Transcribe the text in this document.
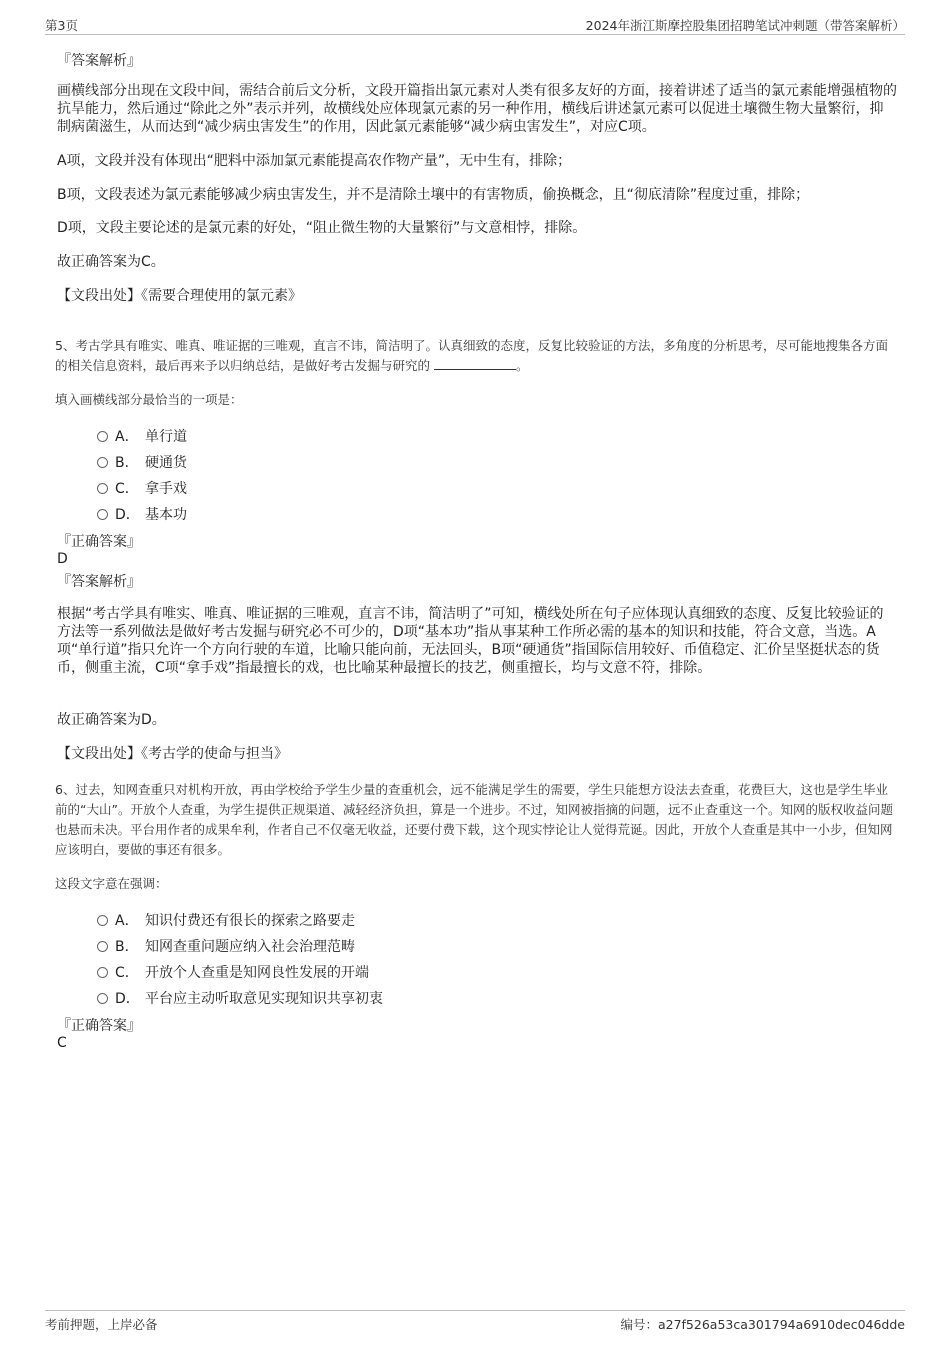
第3页	2024年浙江斯摩控股集团招聘笔试冲刺题（带答案解析）
『答案解析』
画横线部分出现在文段中间，需结合前后文分析，文段开篇指出氯元素对人类有很多友好的方面，接着讲述了适当的氯元素能增强植物的抗旱能力，然后通过“除此之外”表示并列，故横线处应体现氯元素的另一种作用，横线后讲述氯元素可以促进土壤微生物大量繁衍，抑制病菌滋生，从而达到“减少病虫害发生”的作用，因此氯元素能够“减少病虫害发生”，对应C项。
A项，文段并没有体现出“肥料中添加氯元素能提高农作物产量”，无中生有，排除；
B项，文段表述为氯元素能够减少病虫害发生，并不是清除土壤中的有害物质，偷换概念，且“彻底清除”程度过重，排除；
D项，文段主要论述的是氯元素的好处，“阻止微生物的大量繁衍”与文意相悖，排除。
故正确答案为C。
【文段出处】《需要合理使用的氯元素》
5、考古学具有唯实、唯真、唯证据的三唯观，直言不讳，简洁明了。认真细致的态度，反复比较验证的方法，多角度的分析思考，尽可能地搜集各方面的相关信息资料，最后再来予以归纳总结，是做好考古发掘与研究的	。
填入画横线部分最恰当的一项是：
A． 单行道
B． 硬通货
C． 拿手戏
D． 基本功
『正确答案』
D
『答案解析』
根据“考古学具有唯实、唯真、唯证据的三唯观，直言不讳，简洁明了”可知，横线处所在句子应体现认真细致的态度、反复比较验证的方法等一系列做法是做好考古发掘与研究必不可少的，D项“基本功”指从事某种工作所必需的基本的知识和技能，符合文意，当选。A项“单行道”指只允许一个方向行驶的车道，比喻只能向前，无法回头，B项“硬通货”指国际信用较好、币值稳定、汇价呈坚挺状态的货币，侧重主流，C项“拿手戏”指最擅长的戏，也比喻某种最擅长的技艺，侧重擅长，均与文意不符，排除。
故正确答案为D。
【文段出处】《考古学的使命与担当》
6、过去，知网查重只对机构开放，再由学校给予学生少量的查重机会，远不能满足学生的需要，学生只能想方设法去查重，花费巨大，这也是学生毕业前的“大山”。开放个人查重，为学生提供正规渠道、减轻经济负担，算是一个进步。不过，知网被指摘的问题，远不止查重这一个。知网的版权收益问题也悬而未决。平台用作者的成果牟利，作者自己不仅毫无收益，还要付费下载，这个现实悖论让人觉得荒诞。因此，开放个人查重是其中一小步，但知网应该明白，要做的事还有很多。
这段文字意在强调：
A． 知识付费还有很长的探索之路要走
B． 知网查重问题应纳入社会治理范畴
C． 开放个人查重是知网良性发展的开端
D． 平台应主动听取意见实现知识共享初衷
『正确答案』
C
考前押题，上岸必备	编号：a27f526a53ca301794a6910dec046dde
